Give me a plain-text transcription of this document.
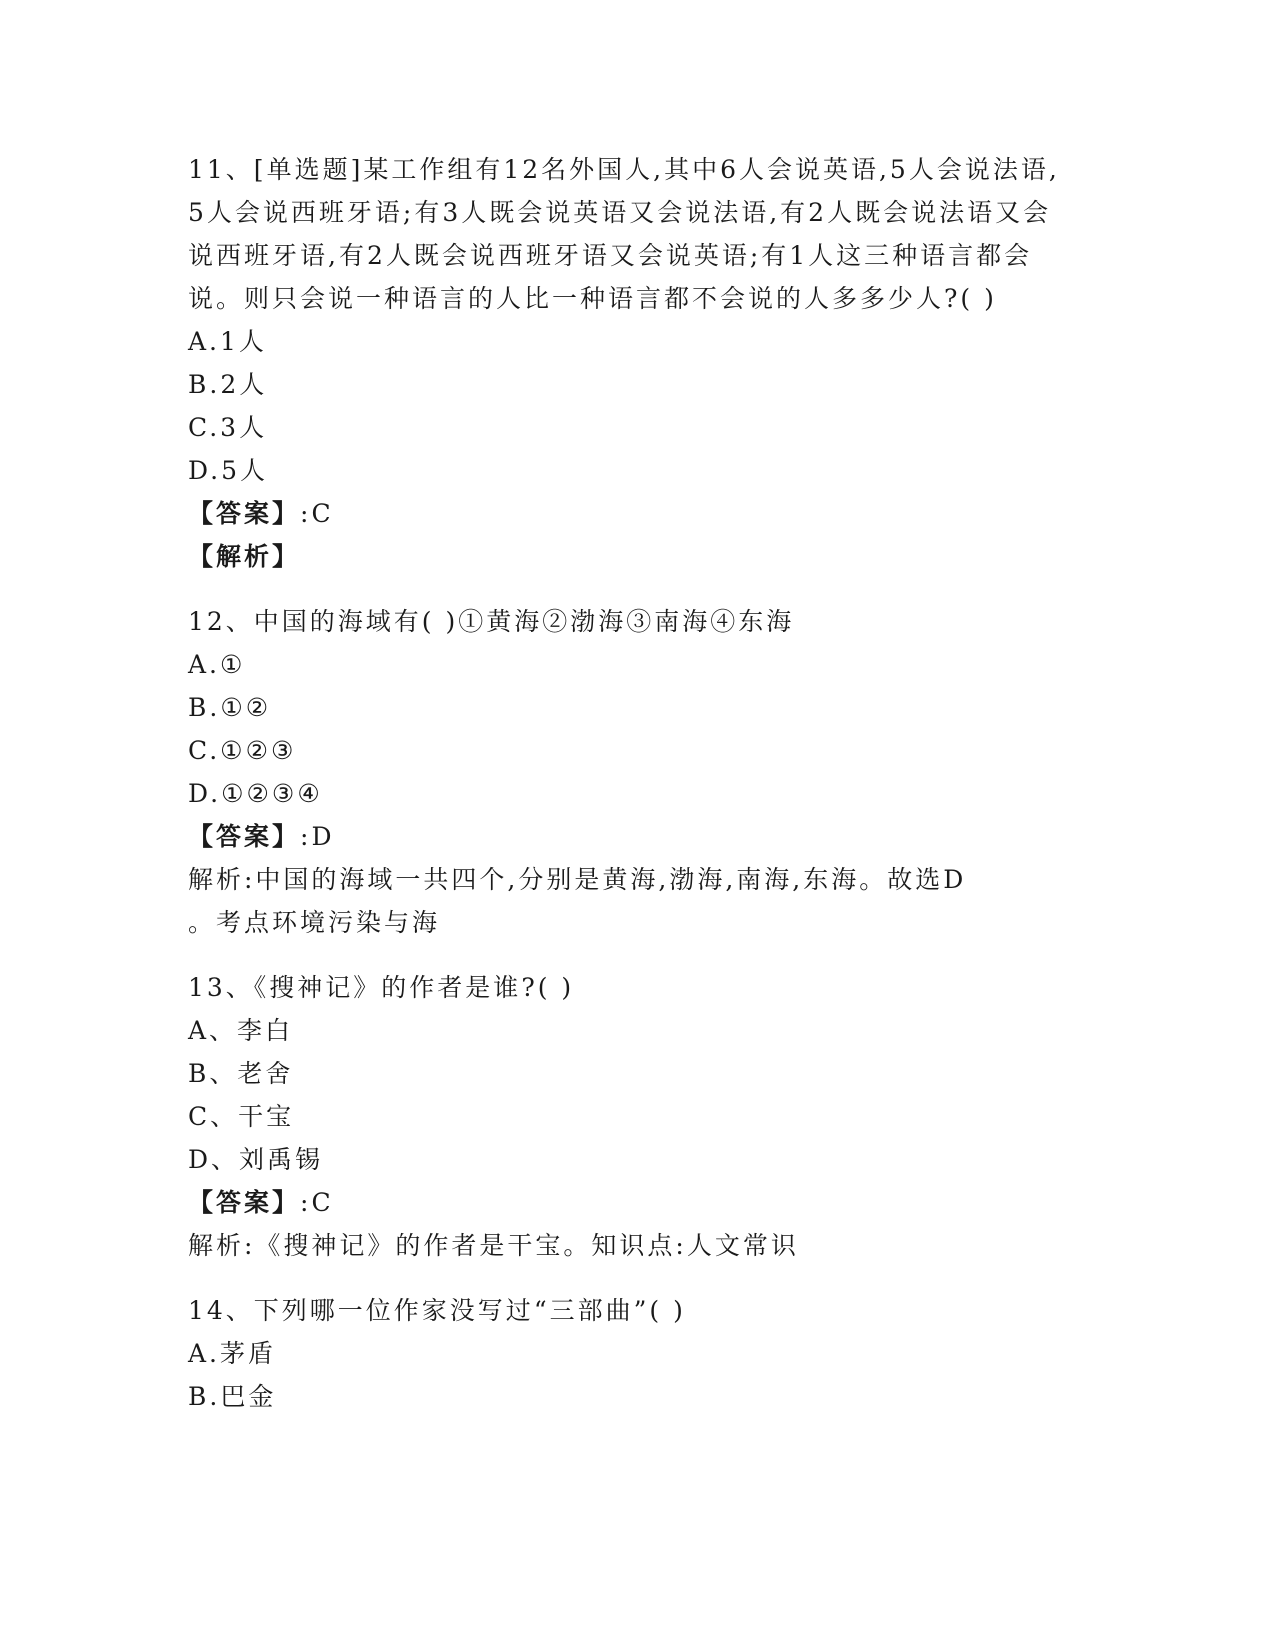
11、[单选题]某工作组有12名外国人,其中6人会说英语,5人会说法语,5人会说西班牙语;有3人既会说英语又会说法语,有2人既会说法语又会说西班牙语,有2人既会说西班牙语又会说英语;有1人这三种语言都会说。则只会说一种语言的人比一种语言都不会说的人多多少人?( )
A.1人
B.2人
C.3人
D.5人
【答案】:C
【解析】
12、中国的海域有( )①黄海②渤海③南海④东海
A.①
B.①②
C.①②③
D.①②③④
【答案】:D
解析:中国的海域一共四个,分别是黄海,渤海,南海,东海。故选D
。考点环境污染与海
13、《搜神记》的作者是谁?( )
A、李白
B、老舍
C、干宝
D、刘禹锡
【答案】:C
解析:《搜神记》的作者是干宝。知识点:人文常识
14、下列哪一位作家没写过“三部曲”( )
A.茅盾
B.巴金
